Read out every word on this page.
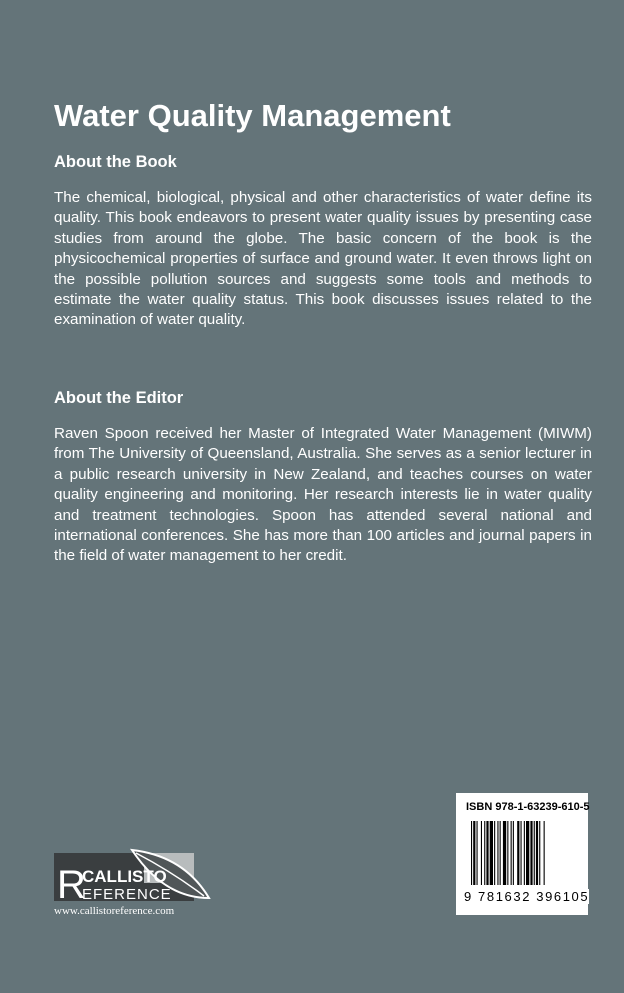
Water Quality Management
About the Book

The chemical, biological, physical and other characteristics of water define its quality. This book endeavors to present water quality issues by presenting case studies from around the globe. The basic concern of the book is the physicochemical properties of surface and ground water. It even throws light on the possible pollution sources and suggests some tools and methods to estimate the water quality status. This book discusses issues related to the examination of water quality.

About the Editor

Raven Spoon received her Master of Integrated Water Management (MIWM) from The University of Queensland, Australia. She serves as a senior lecturer in a public research university in New Zealand, and teaches courses on water quality engineering and monitoring. Her research interests lie in water quality and treatment technologies. Spoon has attended several national and international conferences. She has more than 100 articles and journal papers in the field of water management to her credit.

R
CALLISTO
EFERENCE
www.callistoreference.com
ISBN 978-1-63239-610-5
9 781632 396105
